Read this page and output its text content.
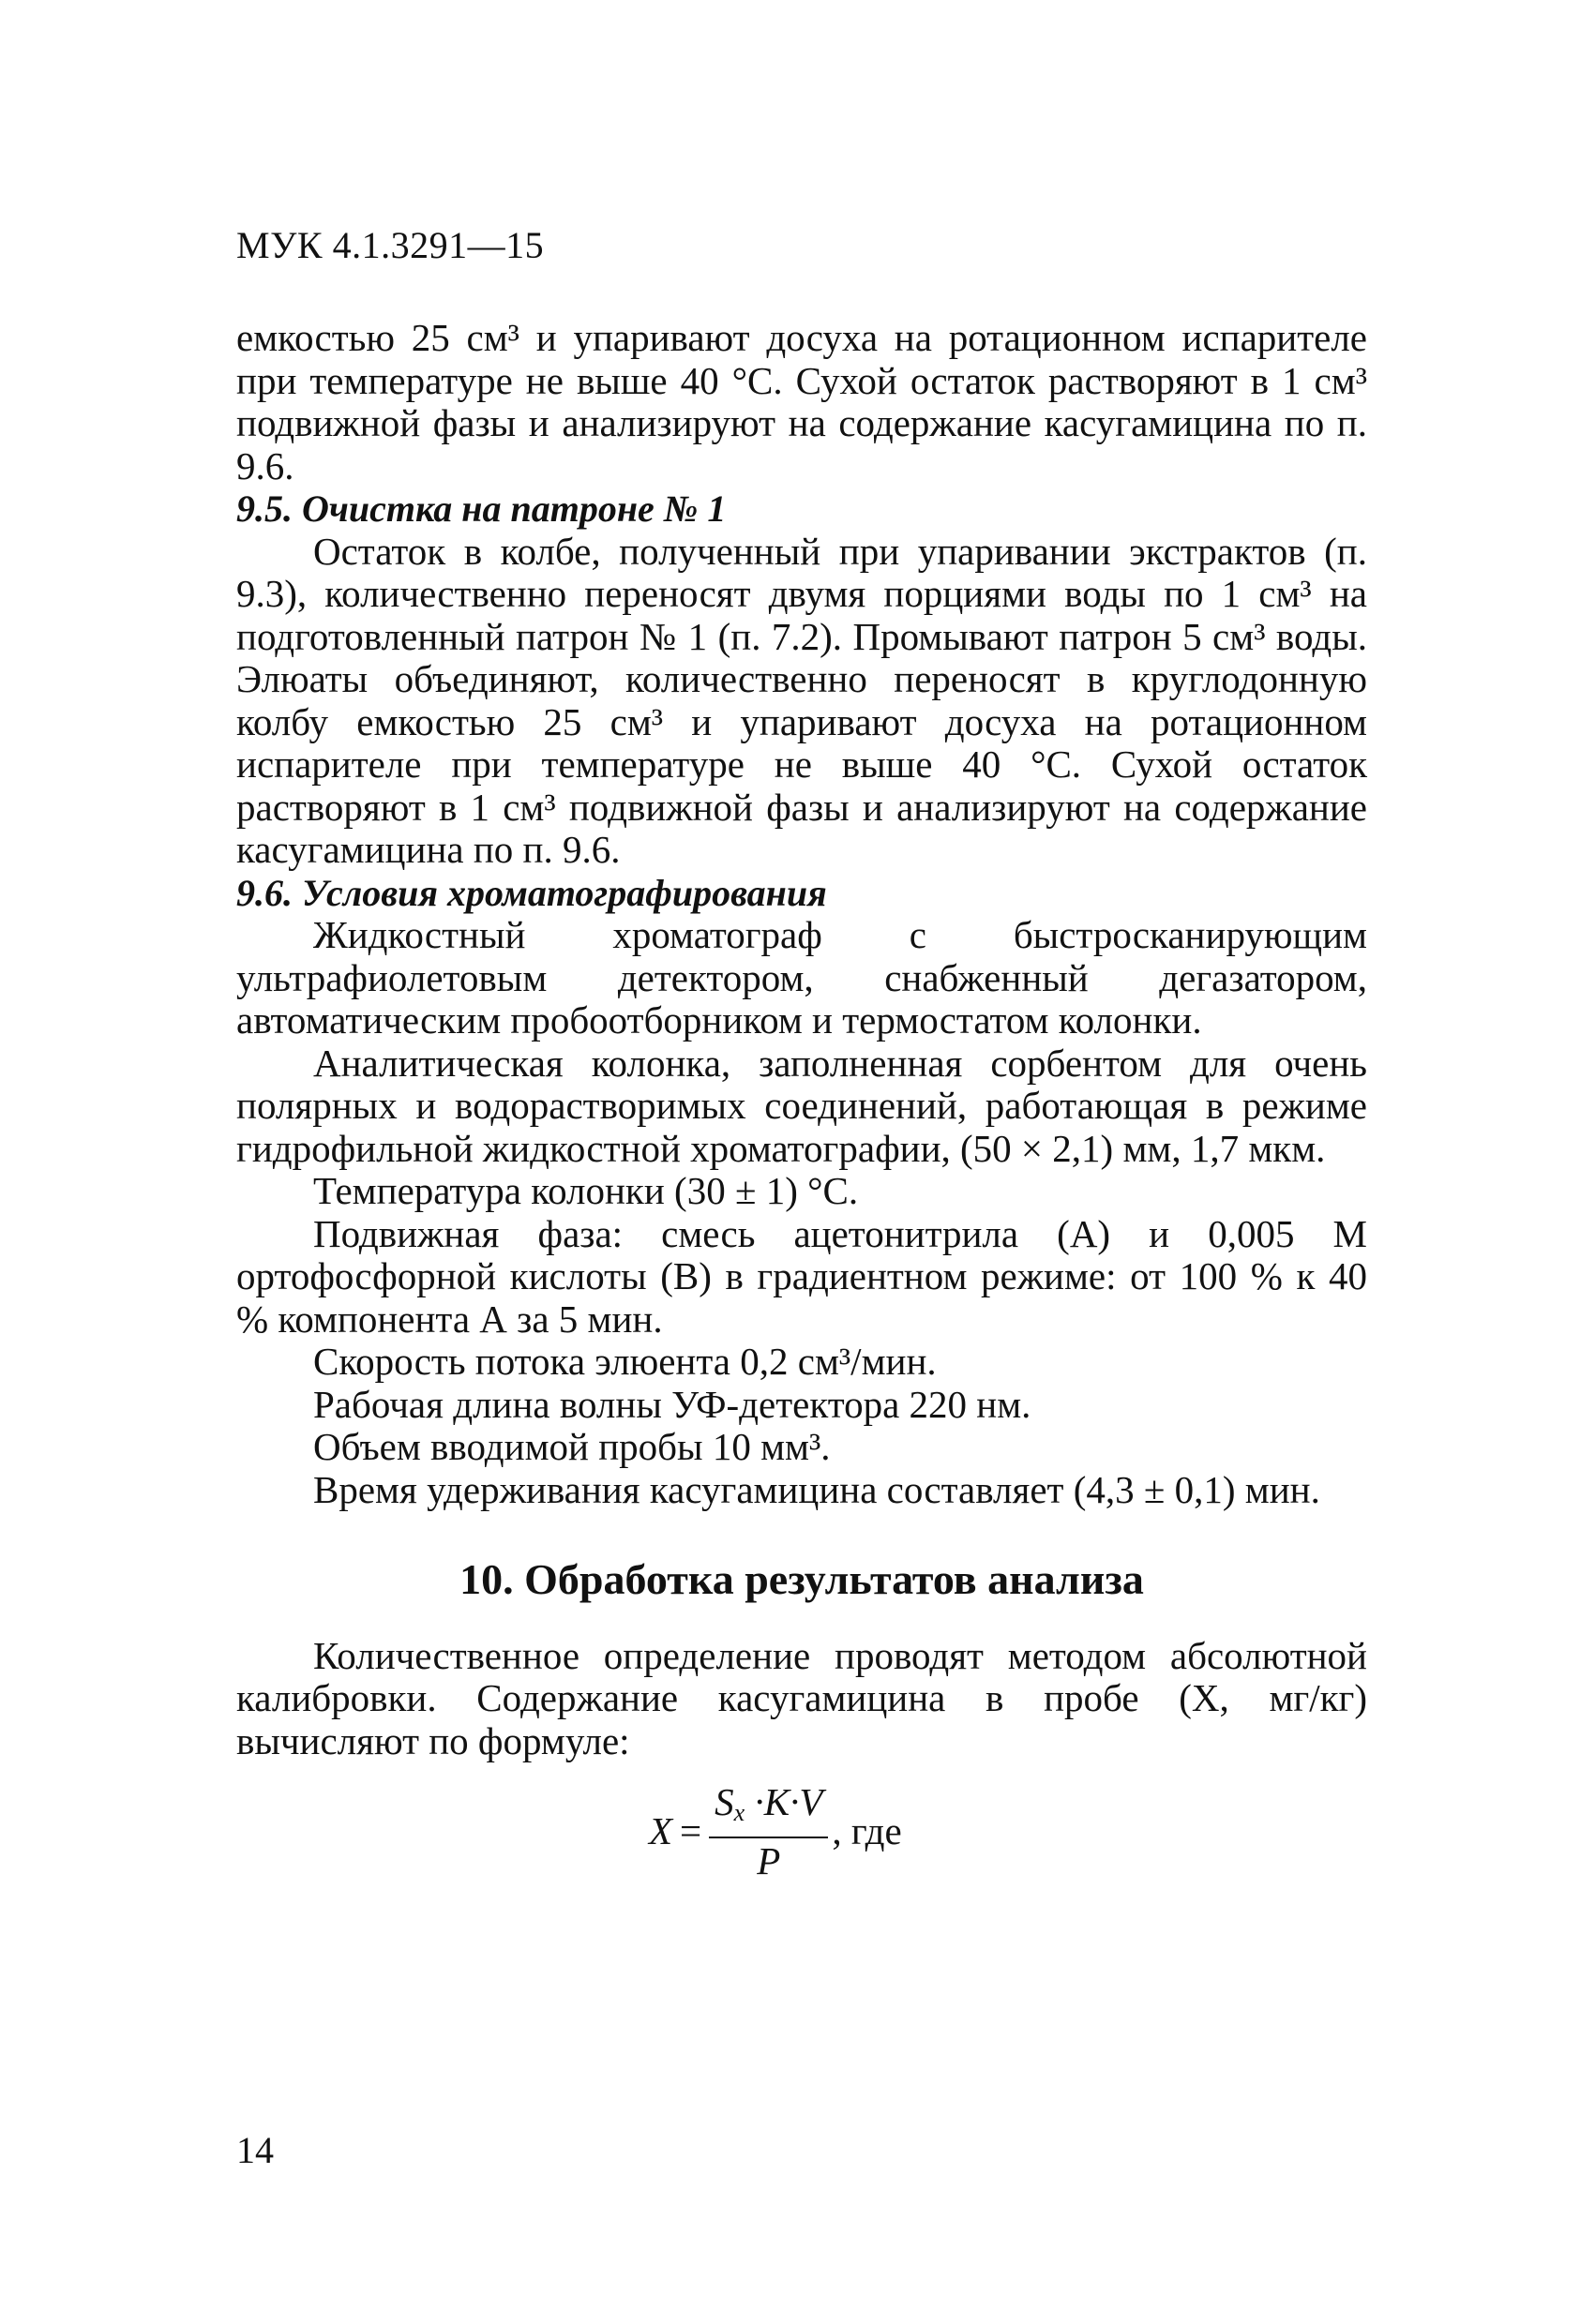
МУК 4.1.3291—15

емкостью 25 см³ и упаривают досуха на ротационном испарителе при температуре не выше 40 °С. Сухой остаток растворяют в 1 см³ подвижной фазы и анализируют на содержание касугамицина по п. 9.6.

9.5. Очистка на патроне № 1

Остаток в колбе, полученный при упаривании экстрактов (п. 9.3), количественно переносят двумя порциями воды по 1 см³ на подготовленный патрон № 1 (п. 7.2). Промывают патрон 5 см³ воды. Элюаты объединяют, количественно переносят в круглодонную колбу емкостью 25 см³ и упаривают досуха на ротационном испарителе при температуре не выше 40 °С. Сухой остаток растворяют в 1 см³ подвижной фазы и анализируют на содержание касугамицина по п. 9.6.

9.6. Условия хроматографирования

Жидкостный хроматограф с быстросканирующим ультрафиолетовым детектором, снабженный дегазатором, автоматическим пробоотборником и термостатом колонки.

Аналитическая колонка, заполненная сорбентом для очень полярных и водорастворимых соединений, работающая в режиме гидрофильной жидкостной хроматографии, (50 × 2,1) мм, 1,7 мкм.

Температура колонки (30 ± 1) °С.

Подвижная фаза: смесь ацетонитрила (А) и 0,005 М ортофосфорной кислоты (В) в градиентном режиме: от 100 % к 40 % компонента А за 5 мин.

Скорость потока элюента 0,2 см³/мин.

Рабочая длина волны УФ-детектора 220 нм.

Объем вводимой пробы 10 мм³.

Время удерживания касугамицина составляет (4,3 ± 0,1) мин.

10. Обработка результатов анализа

Количественное определение проводят методом абсолютной калибровки. Содержание касугамицина в пробе (X, мг/кг) вычисляют по формуле:

$X = \frac{S_x \cdot K\cdot V}{P}$ , где
14
